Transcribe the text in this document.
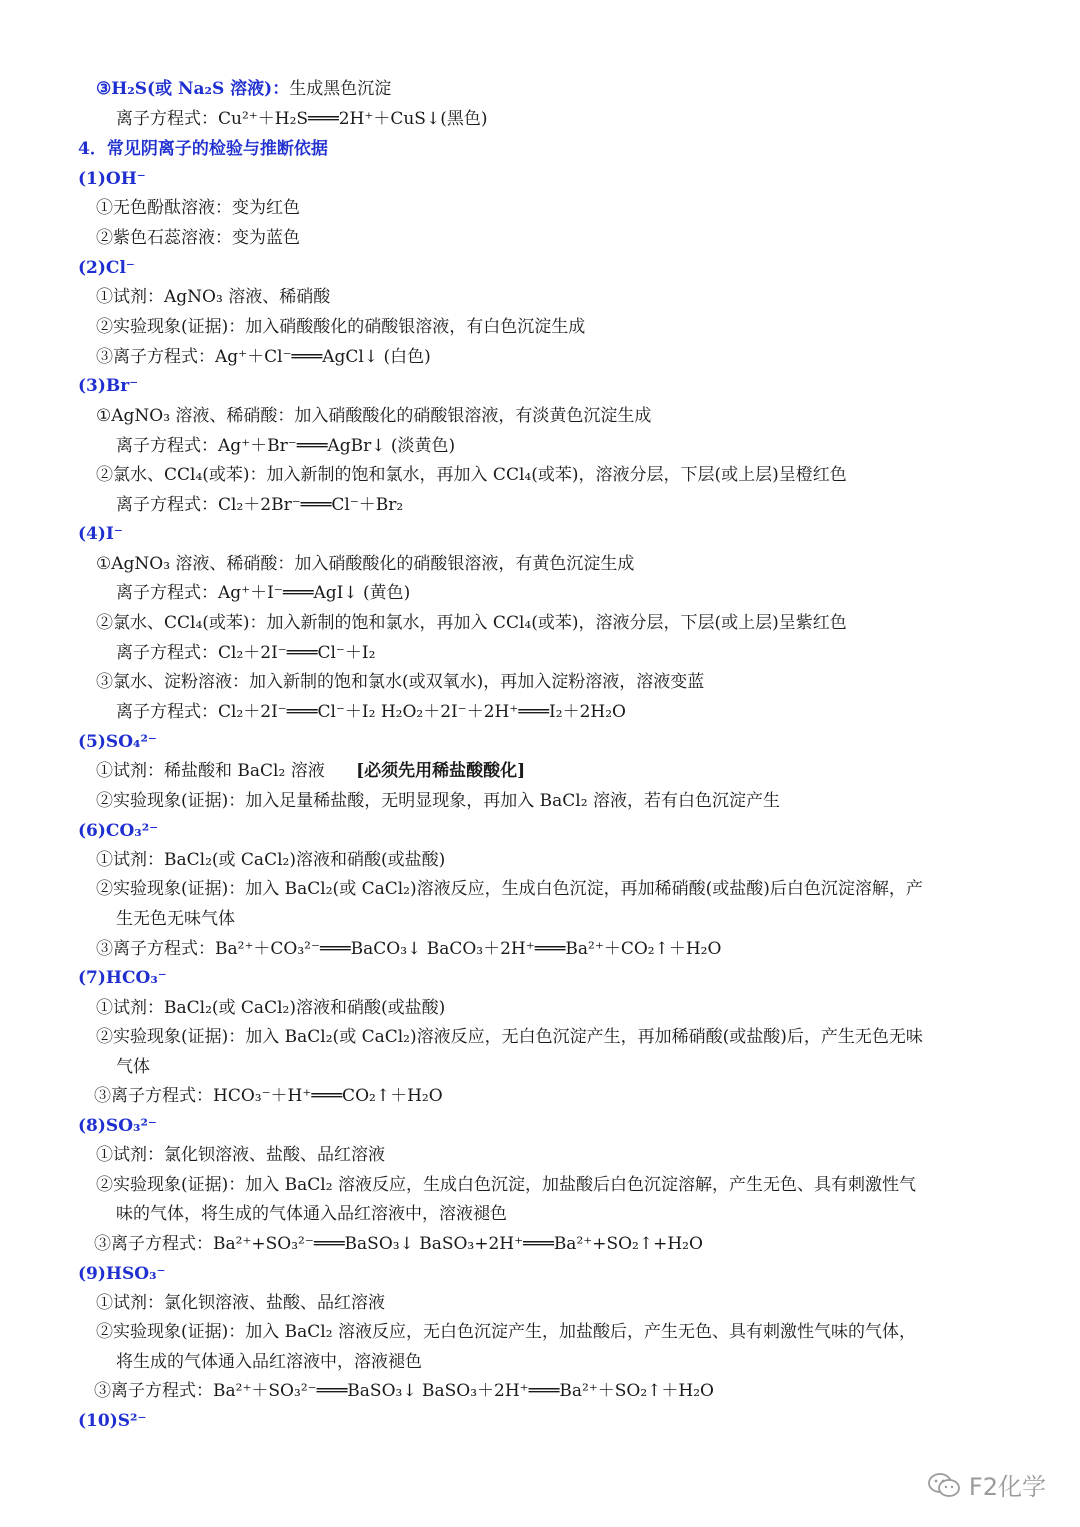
③H₂S(或 Na₂S 溶液)：生成黑色沉淀
离子方程式：Cu²⁺＋H₂S═══2H⁺＋CuS↓(黑色)
4．常见阴离子的检验与推断依据
(1)OH⁻
①无色酚酞溶液：变为红色
②紫色石蕊溶液：变为蓝色
(2)Cl⁻
①试剂：AgNO₃ 溶液、稀硝酸
②实验现象(证据)：加入硝酸酸化的硝酸银溶液，有白色沉淀生成
③离子方程式：Ag⁺＋Cl⁻═══AgCl↓ (白色)
(3)Br⁻
①AgNO₃ 溶液、稀硝酸：加入硝酸酸化的硝酸银溶液，有淡黄色沉淀生成
离子方程式：Ag⁺＋Br⁻═══AgBr↓ (淡黄色)
②氯水、CCl₄(或苯)：加入新制的饱和氯水，再加入 CCl₄(或苯)，溶液分层，下层(或上层)呈橙红色
离子方程式：Cl₂＋2Br⁻═══Cl⁻＋Br₂
(4)I⁻
①AgNO₃ 溶液、稀硝酸：加入硝酸酸化的硝酸银溶液，有黄色沉淀生成
离子方程式：Ag⁺＋I⁻═══AgI↓ (黄色)
②氯水、CCl₄(或苯)：加入新制的饱和氯水，再加入 CCl₄(或苯)，溶液分层，下层(或上层)呈紫红色
离子方程式：Cl₂＋2I⁻═══Cl⁻＋I₂
③氯水、淀粉溶液：加入新制的饱和氯水(或双氧水)，再加入淀粉溶液，溶液变蓝
离子方程式：Cl₂＋2I⁻═══Cl⁻＋I₂ H₂O₂＋2I⁻＋2H⁺═══I₂＋2H₂O
(5)SO₄²⁻
①试剂：稀盐酸和 BaCl₂ 溶液 [必须先用稀盐酸酸化]
②实验现象(证据)：加入足量稀盐酸，无明显现象，再加入 BaCl₂ 溶液，若有白色沉淀产生
(6)CO₃²⁻
①试剂：BaCl₂(或 CaCl₂)溶液和硝酸(或盐酸)
②实验现象(证据)：加入 BaCl₂(或 CaCl₂)溶液反应，生成白色沉淀，再加稀硝酸(或盐酸)后白色沉淀溶解，产
生无色无味气体
③离子方程式：Ba²⁺＋CO₃²⁻═══BaCO₃↓ BaCO₃＋2H⁺═══Ba²⁺＋CO₂↑＋H₂O
(7)HCO₃⁻
①试剂：BaCl₂(或 CaCl₂)溶液和硝酸(或盐酸)
②实验现象(证据)：加入 BaCl₂(或 CaCl₂)溶液反应，无白色沉淀产生，再加稀硝酸(或盐酸)后，产生无色无味
气体
③离子方程式：HCO₃⁻＋H⁺═══CO₂↑＋H₂O
(8)SO₃²⁻
①试剂：氯化钡溶液、盐酸、品红溶液
②实验现象(证据)：加入 BaCl₂ 溶液反应，生成白色沉淀，加盐酸后白色沉淀溶解，产生无色、具有刺激性气
味的气体，将生成的气体通入品红溶液中，溶液褪色
③离子方程式：Ba²⁺+SO₃²⁻═══BaSO₃↓ BaSO₃+2H⁺═══Ba²⁺+SO₂↑+H₂O
(9)HSO₃⁻
①试剂：氯化钡溶液、盐酸、品红溶液
②实验现象(证据)：加入 BaCl₂ 溶液反应，无白色沉淀产生，加盐酸后，产生无色、具有刺激性气味的气体，
将生成的气体通入品红溶液中，溶液褪色
③离子方程式：Ba²⁺＋SO₃²⁻═══BaSO₃↓ BaSO₃＋2H⁺═══Ba²⁺＋SO₂↑＋H₂O
(10)S²⁻
F2化学
